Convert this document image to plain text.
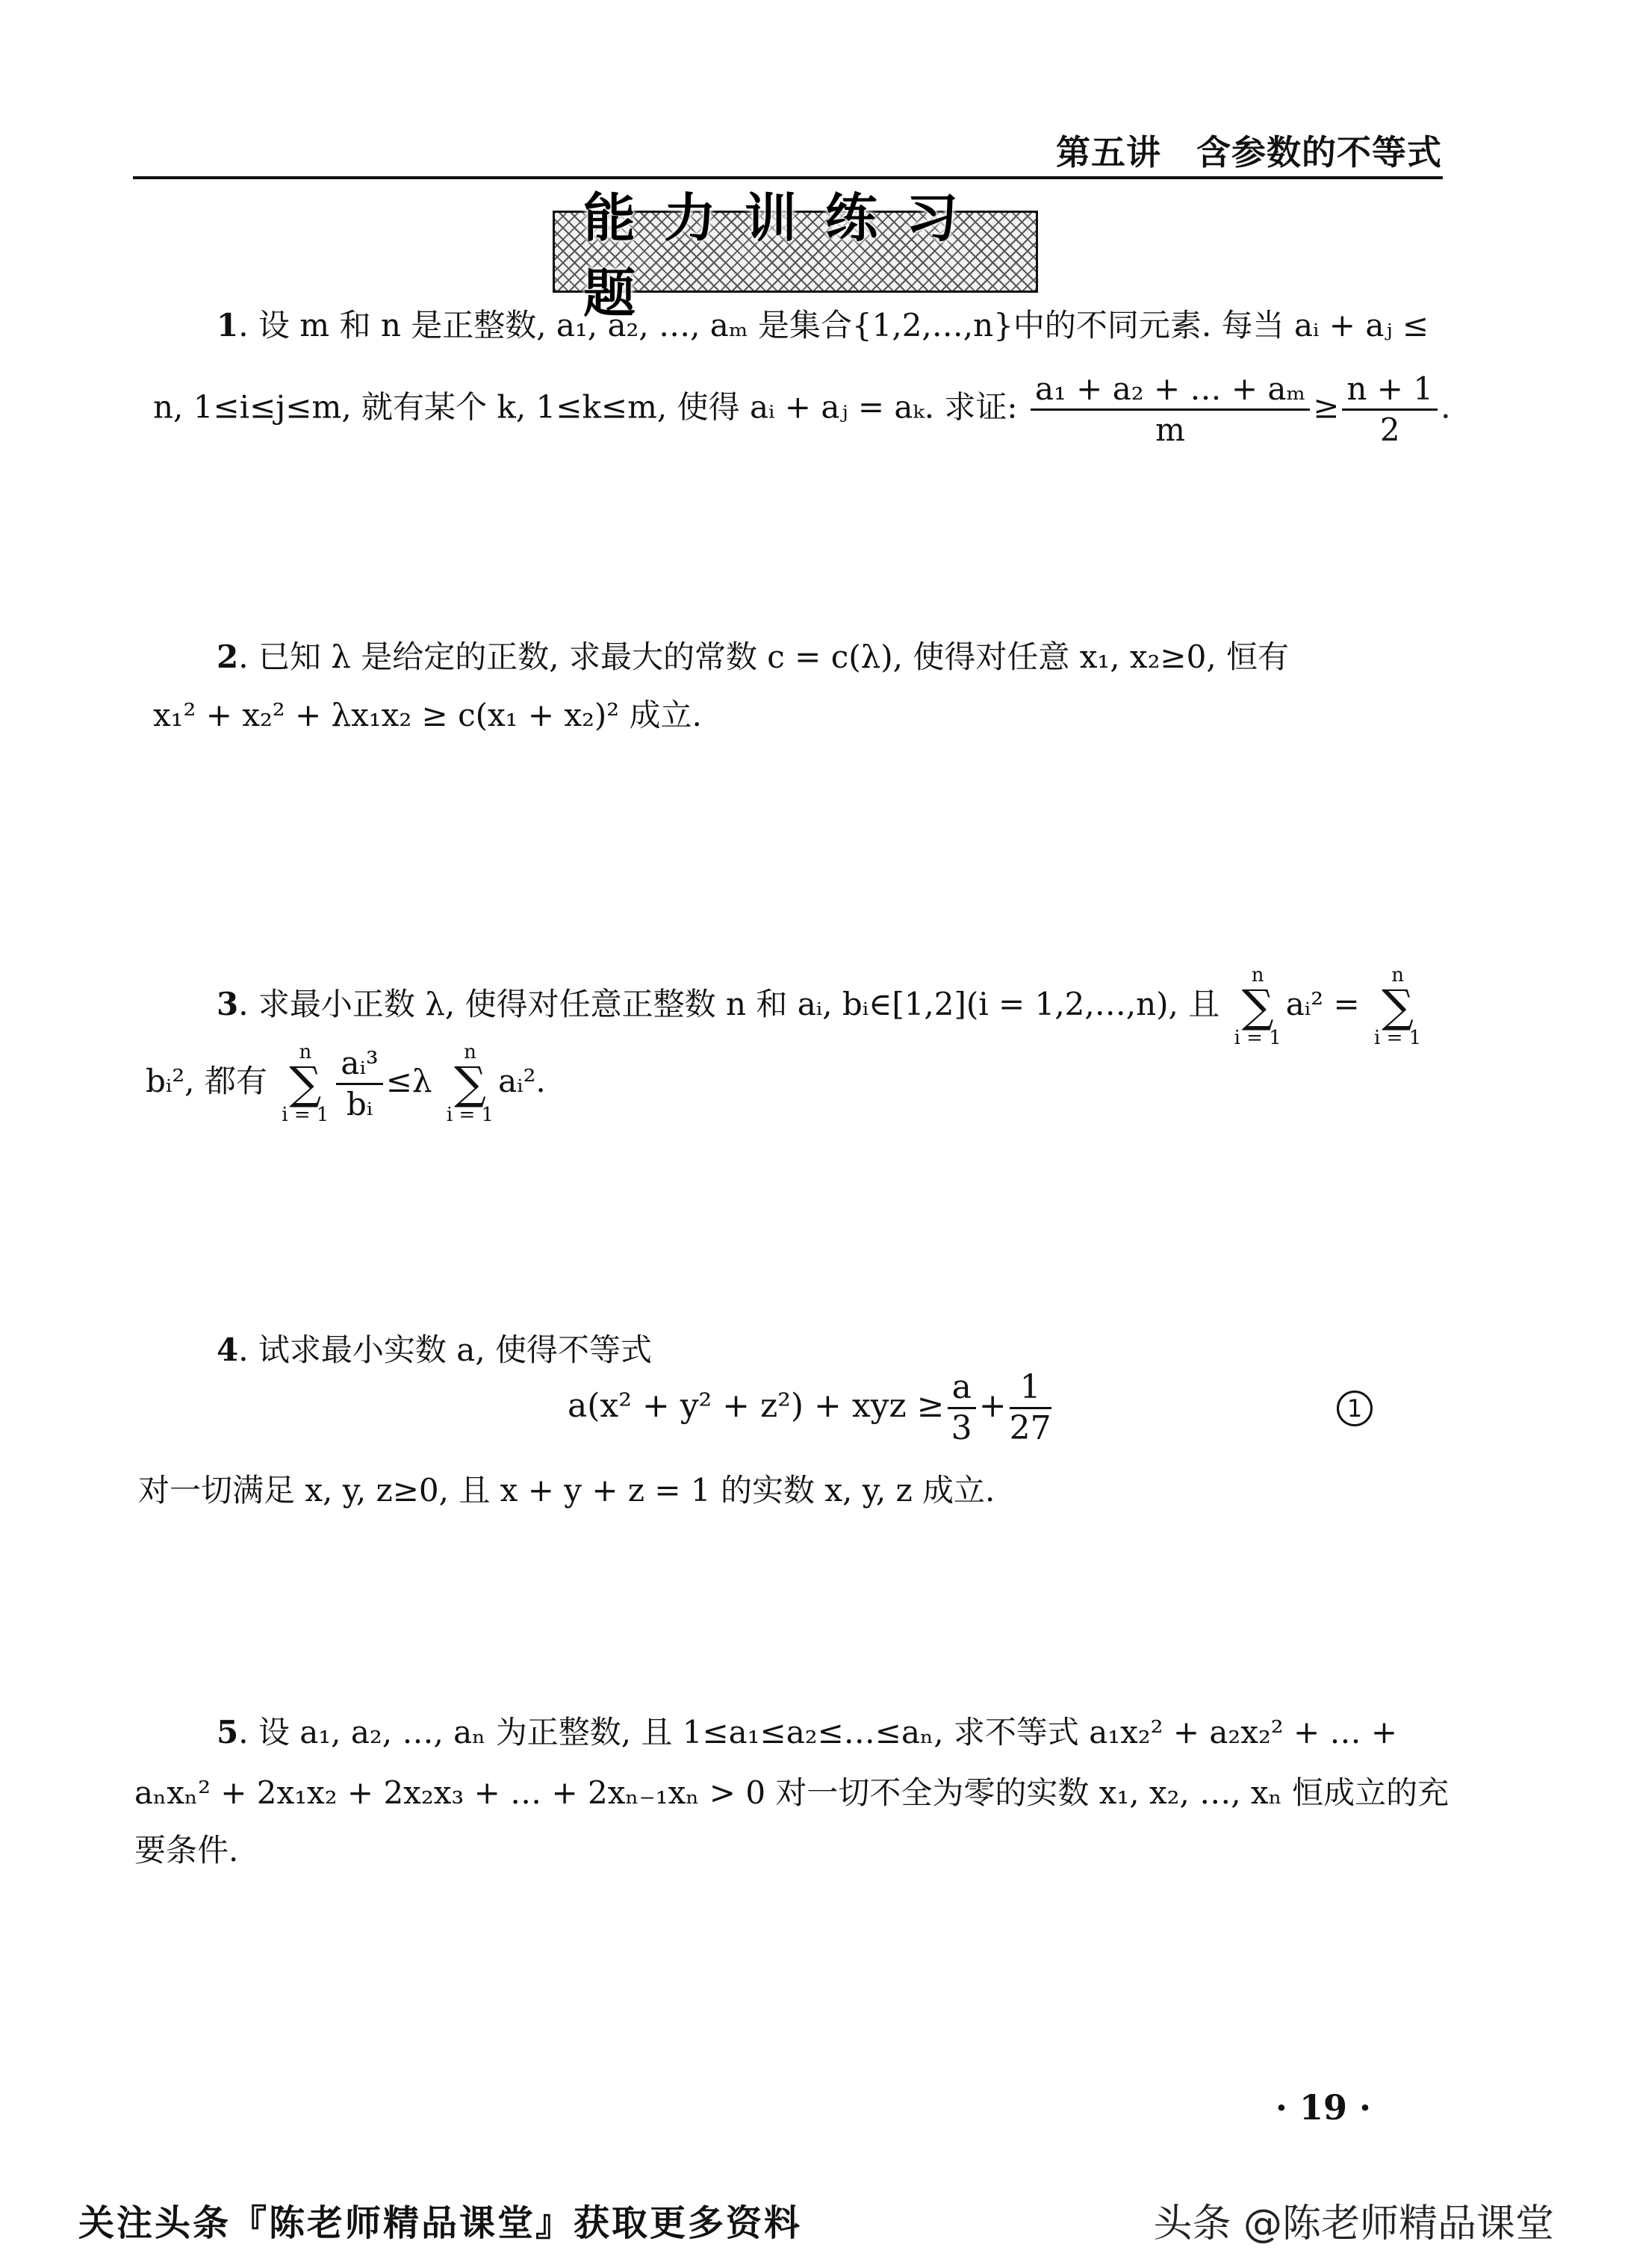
第五讲　含参数的不等式
能力训练习题
1. 设 m 和 n 是正整数, a₁, a₂, …, aₘ 是集合{1,2,…,n}中的不同元素. 每当 aᵢ + aⱼ ≤
n, 1≤i≤j≤m, 就有某个 k, 1≤k≤m, 使得 aᵢ + aⱼ = aₖ. 求证: $\frac{\text{a₁ + a₂ + … + aₘ}}{m} \ge \frac{n + 1}{2}$ .
2. 已知 λ 是给定的正数, 求最大的常数 c = c(λ), 使得对任意 x₁, x₂≥0, 恒有
x₁² + x₂² + λx₁x₂ ≥ c(x₁ + x₂)² 成立.
3. 求最小正数 λ, 使得对任意正整数 n 和 aᵢ, bᵢ∈[1,2](i = 1,2,…,n), 且 n
∑
i = 1aᵢ² = n
∑
i = 1
bᵢ², 都有 n
∑
$i = 1 \frac{\text{aᵢ³}}{\text{bᵢ}} \le\lambda$ n
∑
i = 1aᵢ².
4. 试求最小实数 a, 使得不等式
a(x² + y² + z²) + xyz ≥ $\frac{a}{3} + \frac{1}{27}$	1
对一切满足 x, y, z≥0, 且 x + y + z = 1 的实数 x, y, z 成立.
5. 设 a₁, a₂, …, aₙ 为正整数, 且 1≤a₁≤a₂≤…≤aₙ, 求不等式 a₁x₂² + a₂x₂² + … +
aₙxₙ² + 2x₁x₂ + 2x₂x₃ + … + 2xₙ₋₁xₙ > 0 对一切不全为零的实数 x₁, x₂, …, xₙ 恒成立的充
要条件.
· 19 ·
关注头条『陈老师精品课堂』获取更多资料	头条 @陈老师精品课堂
